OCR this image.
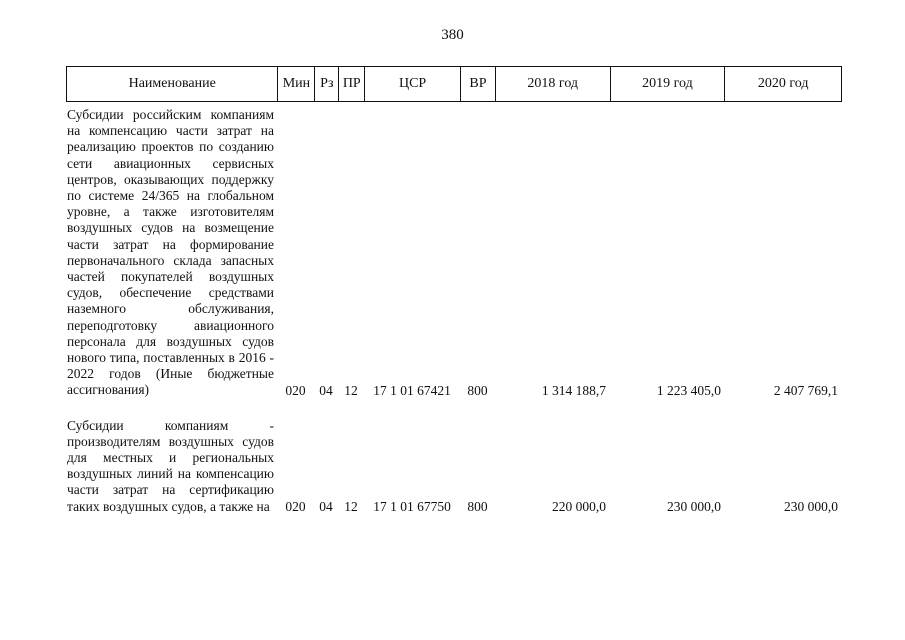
380
Наименование	Мин Рз ПР	ЦСР	ВР	2018 год	2019 год	2020 год
Субсидии российским компаниям на компенсацию части затрат на реализацию проектов по созданию сети авиационных сервисных центров, оказывающих поддержку по системе 24/365 на глобальном уровне, а также изготовителям воздушных судов на возмещение части затрат на формирование первоначального склада запасных частей покупателей воздушных судов, обеспечение средствами наземного обслуживания, переподготовку авиационного персонала для воздушных судов нового типа, поставленных в 2016 - 2022 годов (Иные бюджетные ассигнования)	020	04 12	17 1 01 67421	800	1 314 188,7	1 223 405,0	2 407 769,1
Субсидии компаниям - производителям воздушных судов для местных и региональных воздушных линий на компенсацию части затрат на сертификацию таких воздушных судов, а также на	020	04 12	17 1 01 67750	800	220 000,0	230 000,0	230 000,0
